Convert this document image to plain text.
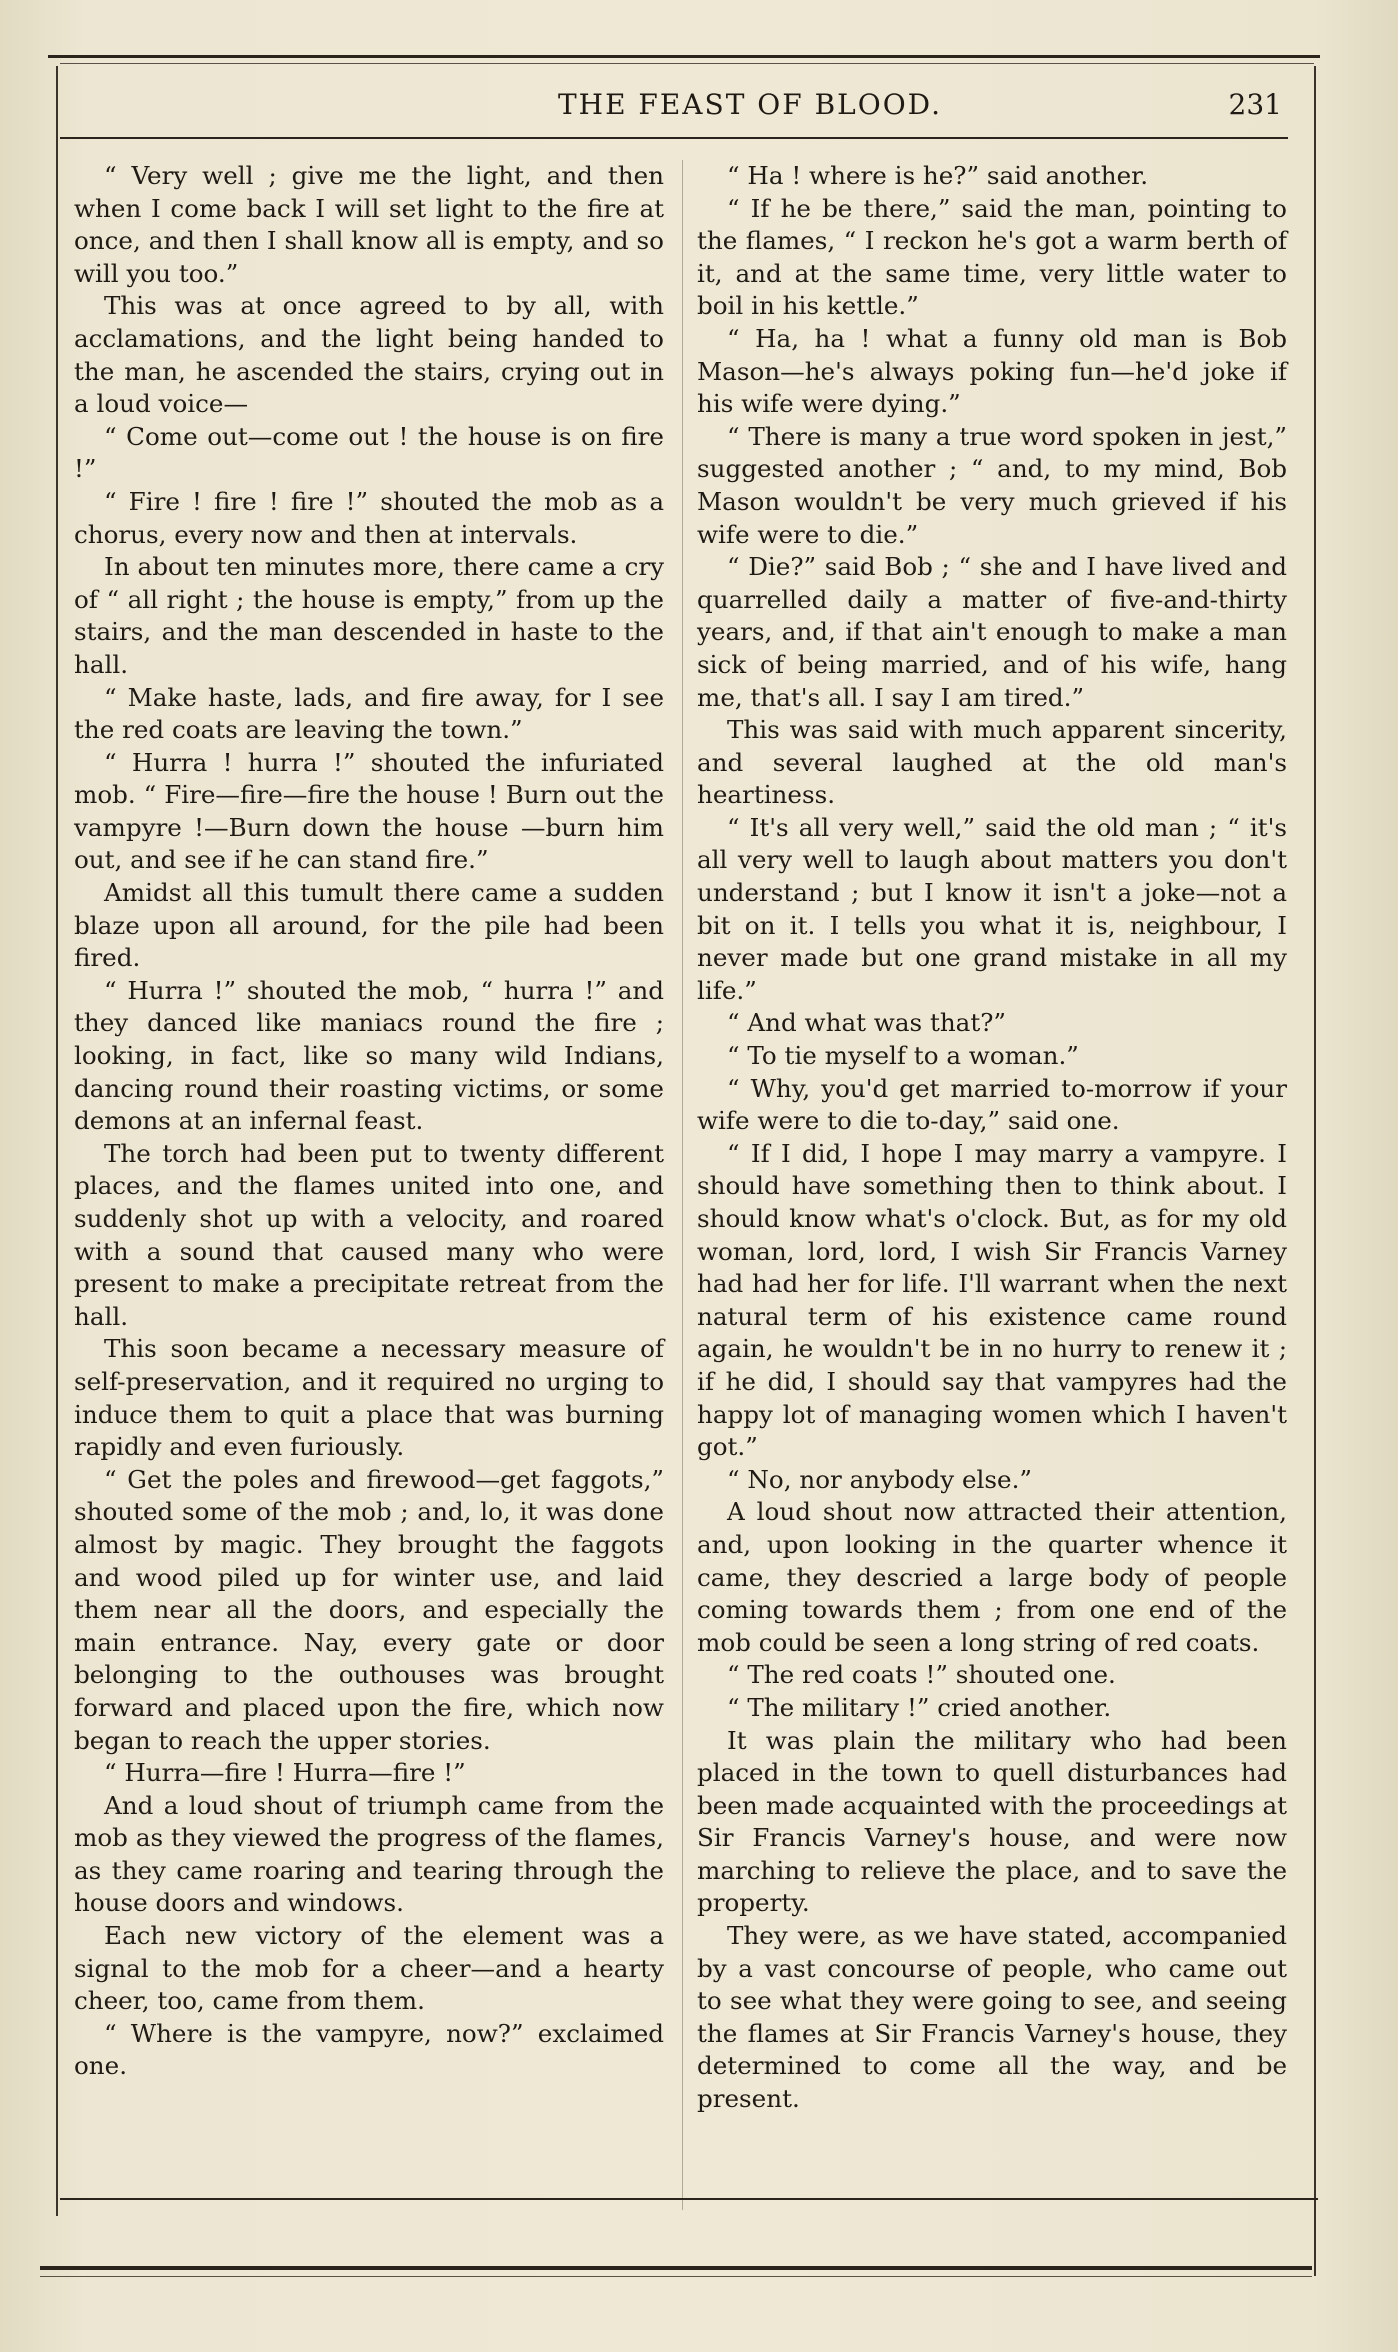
THE FEAST OF BLOOD.	231

“ Very well ; give me the light, and then when I come back I will set light to the fire at once, and then I shall know all is empty, and so will you too.”

This was at once agreed to by all, with acclamations, and the light being handed to the man, he ascended the stairs, crying out in a loud voice—

“ Come out—come out ! the house is on fire !”

“ Fire ! fire ! fire !” shouted the mob as a chorus, every now and then at intervals.

In about ten minutes more, there came a cry of “ all right ; the house is empty,” from up the stairs, and the man descended in haste to the hall.

“ Make haste, lads, and fire away, for I see the red coats are leaving the town.”

“ Hurra ! hurra !” shouted the infuriated mob. “ Fire—fire—fire the house ! Burn out the vampyre !—Burn down the house —burn him out, and see if he can stand fire.”

Amidst all this tumult there came a sudden blaze upon all around, for the pile had been fired.

“ Hurra !” shouted the mob, “ hurra !” and they danced like maniacs round the fire ; looking, in fact, like so many wild Indians, dancing round their roasting victims, or some demons at an infernal feast.

The torch had been put to twenty different places, and the flames united into one, and suddenly shot up with a velocity, and roared with a sound that caused many who were present to make a precipitate retreat from the hall.

This soon became a necessary measure of self-preservation, and it required no urging to induce them to quit a place that was burning rapidly and even furiously.

“ Get the poles and firewood—get faggots,” shouted some of the mob ; and, lo, it was done almost by magic. They brought the faggots and wood piled up for winter use, and laid them near all the doors, and especially the main entrance. Nay, every gate or door belonging to the outhouses was brought forward and placed upon the fire, which now began to reach the upper stories.

“ Hurra—fire ! Hurra—fire !”

And a loud shout of triumph came from the mob as they viewed the progress of the flames, as they came roaring and tearing through the house doors and windows.

Each new victory of the element was a signal to the mob for a cheer—and a hearty cheer, too, came from them.

“ Where is the vampyre, now?” exclaimed one.

“ Ha ! where is he?” said another.

“ If he be there,” said the man, pointing to the flames, “ I reckon he's got a warm berth of it, and at the same time, very little water to boil in his kettle.”

“ Ha, ha ! what a funny old man is Bob Mason—he's always poking fun—he'd joke if his wife were dying.”

“ There is many a true word spoken in jest,” suggested another ; “ and, to my mind, Bob Mason wouldn't be very much grieved if his wife were to die.”

“ Die?” said Bob ; “ she and I have lived and quarrelled daily a matter of five-and-thirty years, and, if that ain't enough to make a man sick of being married, and of his wife, hang me, that's all. I say I am tired.”

This was said with much apparent sincerity, and several laughed at the old man's heartiness.

“ It's all very well,” said the old man ; “ it's all very well to laugh about matters you don't understand ; but I know it isn't a joke—not a bit on it. I tells you what it is, neighbour, I never made but one grand mistake in all my life.”

“ And what was that?”

“ To tie myself to a woman.”

“ Why, you'd get married to-morrow if your wife were to die to-day,” said one.

“ If I did, I hope I may marry a vampyre. I should have something then to think about. I should know what's o'clock. But, as for my old woman, lord, lord, I wish Sir Francis Varney had had her for life. I'll warrant when the next natural term of his existence came round again, he wouldn't be in no hurry to renew it ; if he did, I should say that vampyres had the happy lot of managing women which I haven't got.”

“ No, nor anybody else.”

A loud shout now attracted their attention, and, upon looking in the quarter whence it came, they descried a large body of people coming towards them ; from one end of the mob could be seen a long string of red coats.

“ The red coats !” shouted one.

“ The military !” cried another.

It was plain the military who had been placed in the town to quell disturbances had been made acquainted with the proceedings at Sir Francis Varney's house, and were now marching to relieve the place, and to save the property.

They were, as we have stated, accompanied by a vast concourse of people, who came out to see what they were going to see, and seeing the flames at Sir Francis Varney's house, they determined to come all the way, and be present.
